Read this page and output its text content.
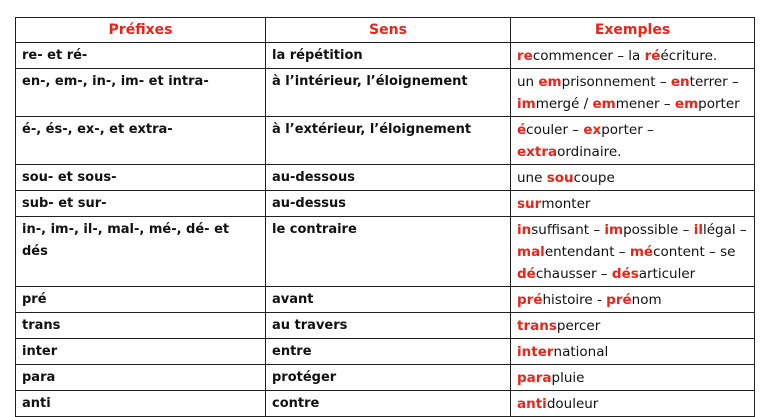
Préfixes	Sens	Exemples
re- et ré-	la répétition	recommencer – la réécriture.

en-, em-, in-, im- et intra-	à l’intérieur, l’éloignement	un emprisonnement – enterrer –
immergé / emmener – emporter

é-, és-, ex-, et extra-	à l’extérieur, l’éloignement	écouler – exporter –
extraordinaire.

sou- et sous-	au-dessous	une soucoupe

sub- et sur-	au-dessus	surmonter

in-, im-, il-, mal-, mé-, dé- et dés	le contraire	insuffisant – impossible – illégal –
malentendant – mécontent – se
déchausser – désarticuler

pré	avant	préhistoire - prénom

trans	au travers	transpercer

inter	entre	international

para	protéger	parapluie

anti	contre	antidouleur
